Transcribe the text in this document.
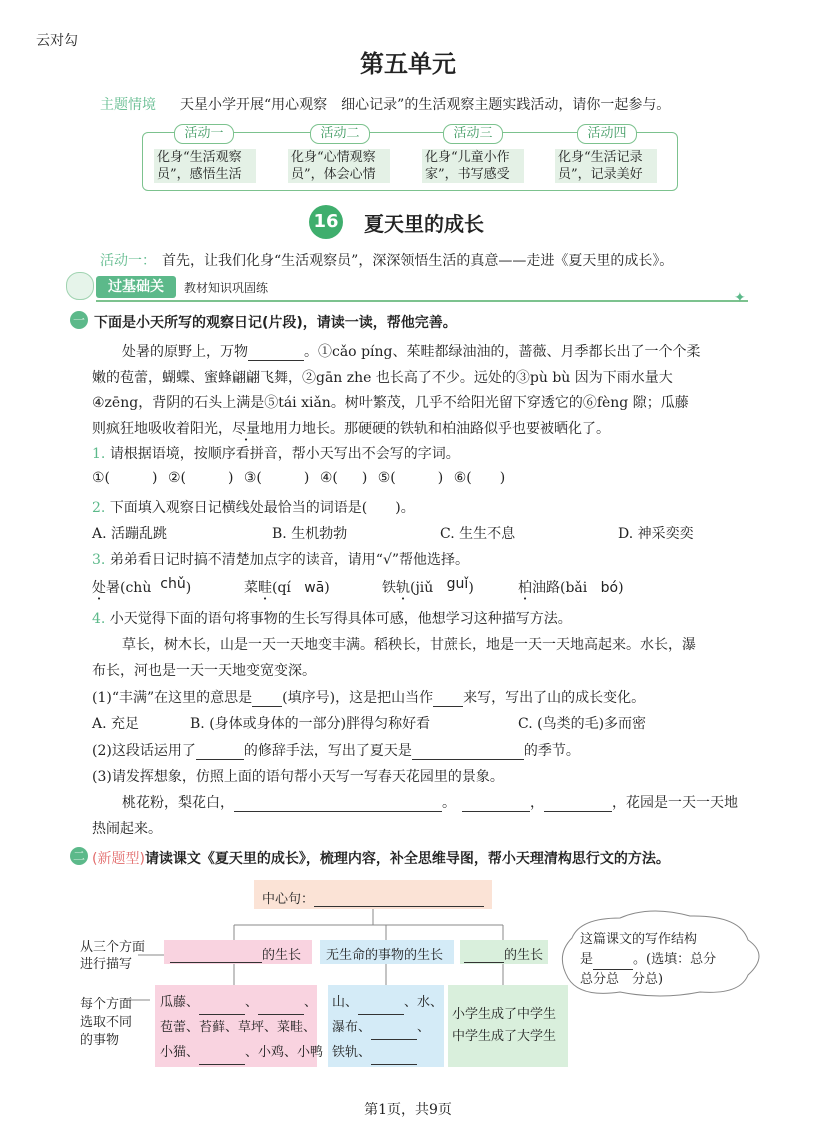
云对勾
第五单元
主题情境 天星小学开展“用心观察　细心记录”的生活观察主题实践活动，请你一起参与。
活动一	活动二	活动三	活动四
化身“生活观察
员”，感悟生活
化身“心情观察
员”，体会心情
化身“儿童小作
家”，书写感受
化身“生活记录
员”，记录美好
16 夏天里的成长
活动一： 首先，让我们化身“生活观察员”，深深领悟生活的真意——走进《夏天里的成长》。
过基础关	教材知识巩固练
✦
一 下面是小天所写的观察日记(片段)，请读一读，帮他完善。
处暑的原野上，万物	。①cǎo píng、茱畦都绿油油的，蔷薇、月季都长出了一个个柔
嫩的苞蕾，蝴蝶、蜜蜂翩翩飞舞，②gān zhe 也长高了不少。远处的③pù bù 因为下雨水量大
④zēng，背阴的石头上满是⑤tái xiǎn。树叶繁茂，几乎不给阳光留下穿透它的⑥fèng 隙；瓜藤
则疯狂地吸收着阳光，尽量地用力地长。那硬硬的铁轨和柏油路似乎也要被晒化了。
1. 请根据语境，按顺序看拼音，帮小天写出不会写的字词。
①(	) ②(	) ③(	) ④( ) ⑤(	) ⑥( )
2. 下面填入观察日记横线处最恰当的词语是(　　)。
A. 活蹦乱跳	B. 生机勃勃	C. 生生不息	D. 神采奕奕
3. 弟弟看日记时搞不清楚加点字的读音，请用“√”帮他选择。
处暑(chù chǔ)	菜畦(qí wā)	铁轨(jiǔ guǐ)	柏油路(bǎi bó)
4. 小天觉得下面的语句将事物的生长写得具体可感，他想学习这种描写方法。
草长，树木长，山是一天一天地变丰满。稻秧长，甘蔗长，地是一天一天地高起来。水长，瀑
布长，河也是一天一天地变宽变深。
(1)“丰满”在这里的意思是 (填序号)，这是把山当作 来写，写出了山的成长变化。
A. 充足	B. (身体或身体的一部分)胖得匀称好看	C. (鸟类的毛)多而密
(2)这段话运用了	的修辞手法，写出了夏天是	的季节。
(3)请发挥想象，仿照上面的语句帮小天写一写春天花园里的景象。
桃花粉，梨花白，	。	，	，花园是一天一天地
热闹起来。
二 (新题型)请读课文《夏天里的成长》，梳理内容，补全思维导图，帮小天理清构思行文的方法。
中心句：
从三个方面
进行描写
每个方面
选取不同
的事物
的生长 无生命的事物的生长	的生长
瓜藤、	、	、
苞蕾、苔藓、草坪、菜畦、
小猫、	、小鸡、小鸭
山、	、水、
瀑布、	、
铁轨、
小学生成了中学生
中学生成了大学生
这篇课文的写作结构
是	。(选填：总分
总分总　分总)
第1页，共9页
